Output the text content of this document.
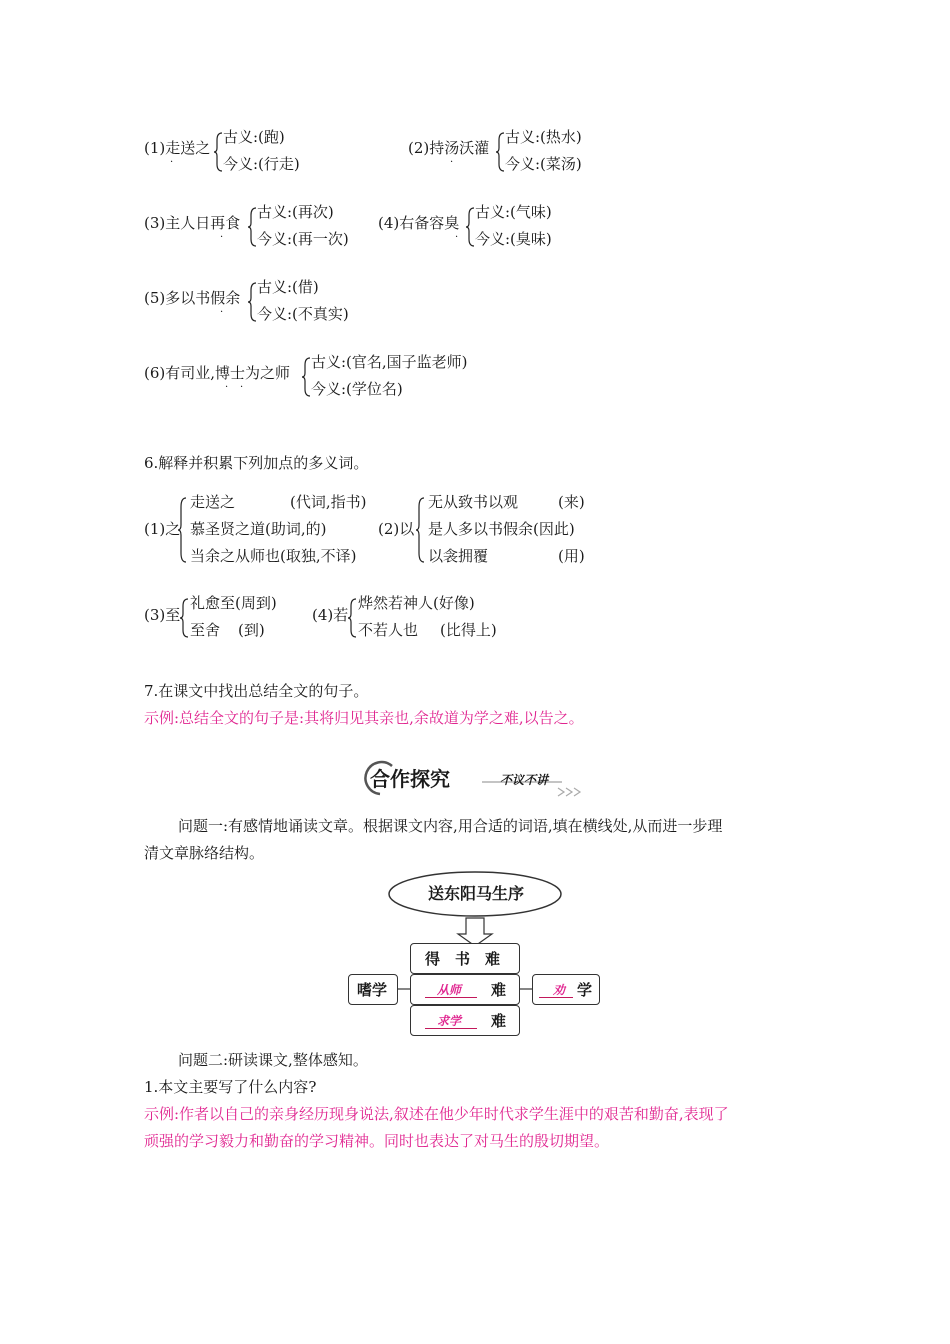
(1)走送之
古义:(跑)
今义:(行走)
·
(2)持汤沃灌
古义:(热水)
今义:(菜汤)
·
(3)主人日再食
古义:(再次)
今义:(再一次)
·
(4)右备容臭
古义:(气味)
今义:(臭味)
·
(5)多以书假余
古义:(借)
今义:(不真实)
·
(6)有司业,博士为之师
古义:(官名,国子监老师)
今义:(学位名)
· ·
6.解释并积累下列加点的多义词。
(1)之
走送之	(代词,指书)
慕圣贤之道(助词,的)
当余之从师也(取独,不译)
(2)以
无从致书以观	(来)
是人多以书假余(因此)
以衾拥覆	(用)
(3)至
礼愈至(周到)
至舍 (到)
(4)若
烨然若神人(好像)
不若人也 (比得上)
7.在课文中找出总结全文的句子。
示例:总结全文的句子是:其将归见其亲也,余故道为学之难,以告之。
合作探究	不议不讲
问题一:有感情地诵读文章。根据课文内容,用合适的词语,填在横线处,从而进一步理
清文章脉络结构。
送东阳马生序
得　书　难
从师 难
求学 难
嗜学	劝 学
问题二:研读课文,整体感知。
1.本文主要写了什么内容?
示例:作者以自己的亲身经历现身说法,叙述在他少年时代求学生涯中的艰苦和勤奋,表现了
顽强的学习毅力和勤奋的学习精神。同时也表达了对马生的殷切期望。
